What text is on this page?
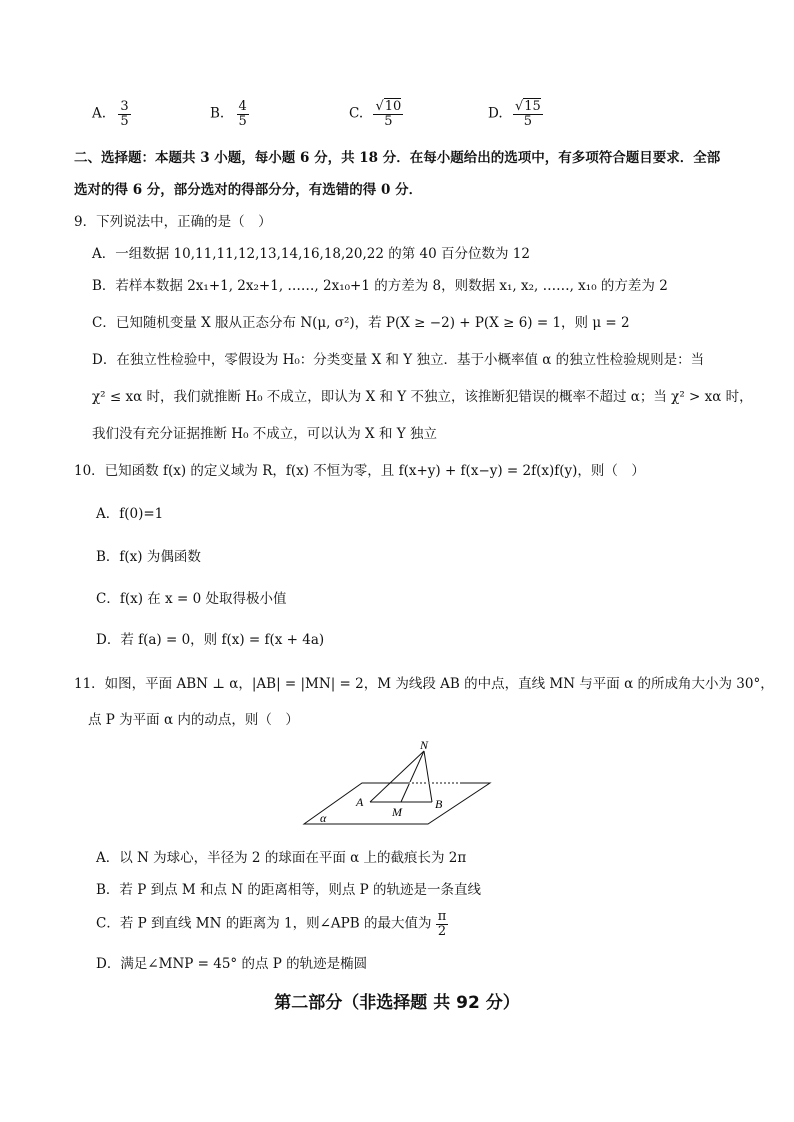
A. $\frac{3}{5}$	B. $\frac{4}{5}$	C. $\frac{√10}{5}$	D. $\frac{√15}{5}$
二、选择题：本题共 3 小题，每小题 6 分，共 18 分．在每小题给出的选项中，有多项符合题目要求．全部
选对的得 6 分，部分选对的得部分分，有选错的得 0 分．
9．下列说法中，正确的是（　）
A．一组数据 10,11,11,12,13,14,16,18,20,22 的第 40 百分位数为 12
B．若样本数据 2x₁+1, 2x₂+1, ……, 2x₁₀+1 的方差为 8，则数据 x₁, x₂, ……, x₁₀ 的方差为 2
C．已知随机变量 X 服从正态分布 N(μ, σ²)，若 P(X ≥ −2) + P(X ≥ 6) = 1，则 μ = 2
D．在独立性检验中，零假设为 H₀：分类变量 X 和 Y 独立．基于小概率值 α 的独立性检验规则是：当
χ² ≤ xα 时，我们就推断 H₀ 不成立，即认为 X 和 Y 不独立，该推断犯错误的概率不超过 α；当 χ² > xα 时，
我们没有充分证据推断 H₀ 不成立，可以认为 X 和 Y 独立
10．已知函数 f(x) 的定义域为 R，f(x) 不恒为零，且 f(x+y) + f(x−y) = 2f(x)f(y)，则（　）
A．f(0)=1
B．f(x) 为偶函数
C．f(x) 在 x = 0 处取得极小值
D．若 f(a) = 0，则 f(x) = f(x + 4a)
11．如图，平面 ABN ⊥ α，|AB| = |MN| = 2，M 为线段 AB 的中点，直线 MN 与平面 α 的所成角大小为 30°，
点 P 为平面 α 内的动点，则（　）
N
A
M
B
α
A．以 N 为球心，半径为 2 的球面在平面 α 上的截痕长为 2π
B．若 P 到点 M 和点 N 的距离相等，则点 P 的轨迹是一条直线
C．若 P 到直线 MN 的距离为 1，则∠APB 的最大值为 $\frac{\pi}{2}$
D．满足∠MNP = 45° 的点 P 的轨迹是椭圆
第二部分（非选择题 共 92 分）
